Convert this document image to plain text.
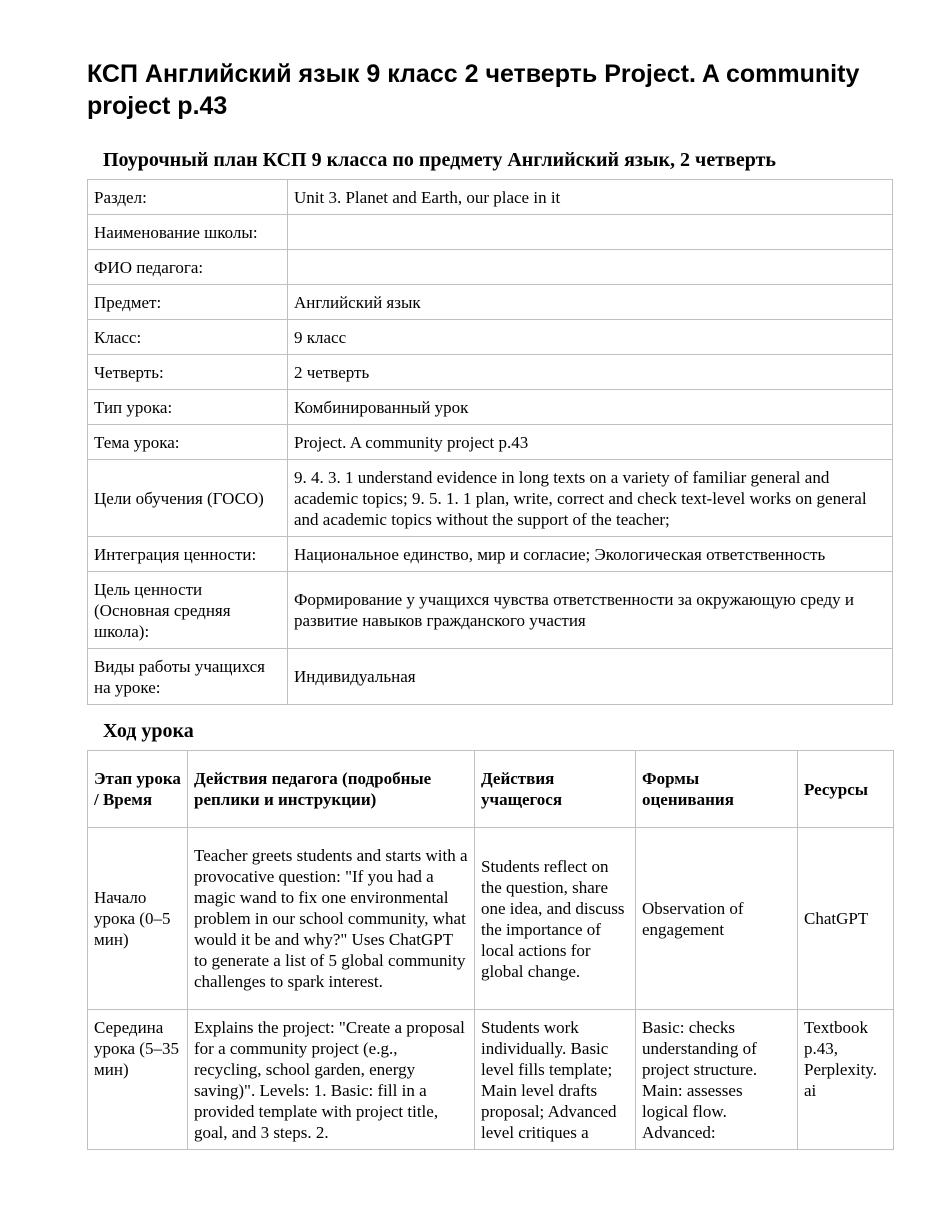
КСП Английский язык 9 класс 2 четверть Project. A community project p.43
Поурочный план КСП 9 класса по предмету Английский язык, 2 четверть
Раздел:	Unit 3. Planet and Earth, our place in it
Наименование школы:	
ФИО педагога:	
Предмет:	Английский язык
Класс:	9 класс
Четверть:	2 четверть
Тип урока:	Комбинированный урок
Тема урока:	Project. A community project p.43
Цели обучения (ГОСО)	9. 4. 3. 1 understand evidence in long texts on a variety of familiar general and academic topics; 9. 5. 1. 1 plan, write, correct and check text-level works on general and academic topics without the support of the teacher;
Интеграция ценности:	Национальное единство, мир и согласие; Экологическая ответственность
Цель ценности (Основная средняя школа):	Формирование у учащихся чувства ответственности за окружающую среду и развитие навыков гражданского участия
Виды работы учащихся на уроке:	Индивидуальная
Ход урока
Этап урока / Время	Действия педагога (подробные реплики и инструкции)	Действия учащегося	Формы оценивания	Ресурсы
Начало урока (0–5 мин)	Teacher greets students and starts with a provocative question: "If you had a magic wand to fix one environmental problem in our school community, what would it be and why?" Uses ChatGPT to generate a list of 5 global community challenges to spark interest.	Students reflect on the question, share one idea, and discuss the importance of local actions for global change.	Observation of engagement	ChatGPT
Середина урока (5–35 мин)	Explains the project: "Create a proposal for a community project (e.g., recycling, school garden, energy saving)". Levels: 1. Basic: fill in a provided template with project title, goal, and 3 steps. 2.	Students work individually. Basic level fills template; Main level drafts proposal; Advanced level critiques a	Basic: checks understanding of project structure. Main: assesses logical flow. Advanced:	Textbook p.43, Perplexity. ai
